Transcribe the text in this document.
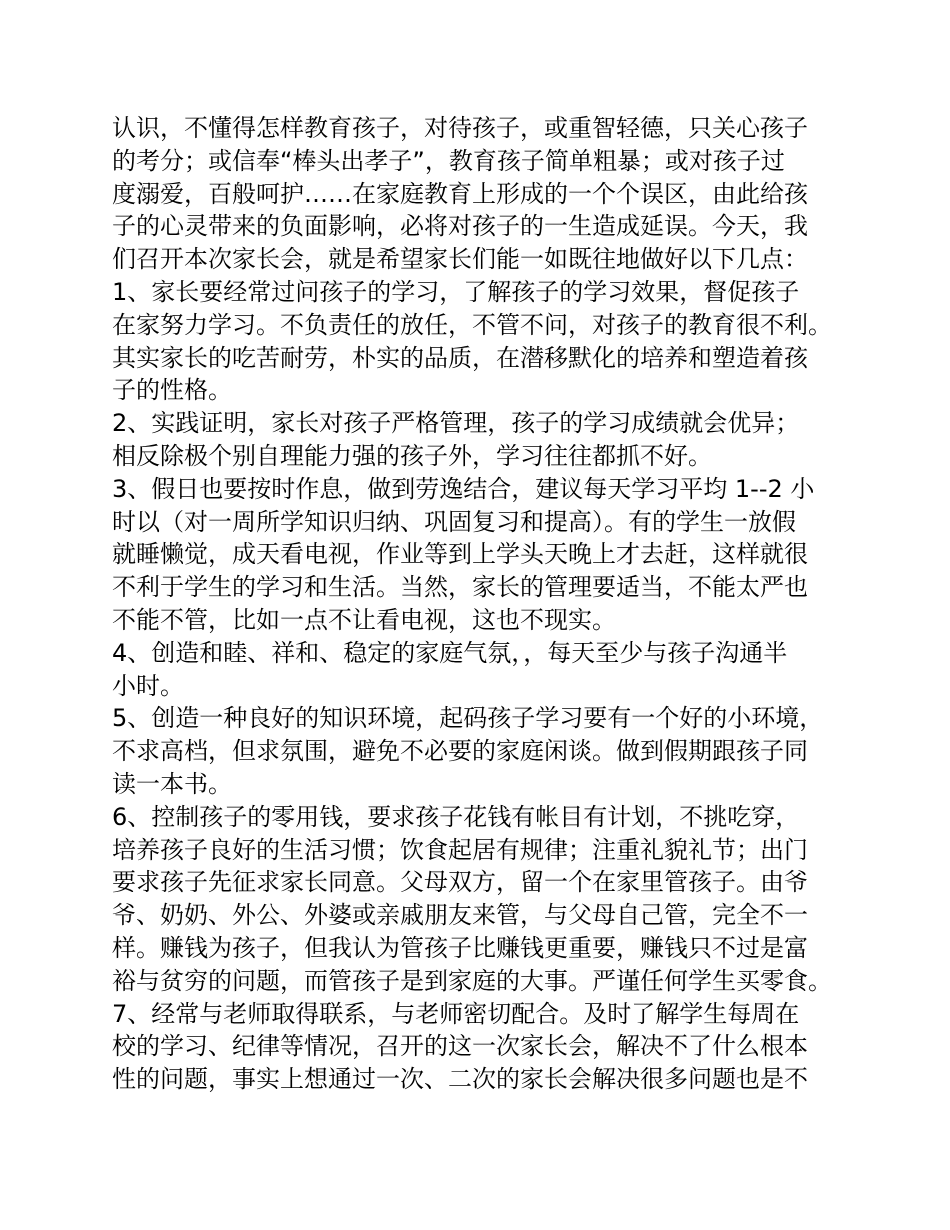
认识，不懂得怎样教育孩子，对待孩子，或重智轻德，只关心孩子
的考分；或信奉“棒头出孝子”，教育孩子简单粗暴；或对孩子过
度溺爱，百般呵护……在家庭教育上形成的一个个误区，由此给孩
子的心灵带来的负面影响，必将对孩子的一生造成延误。今天，我
们召开本次家长会，就是希望家长们能一如既往地做好以下几点：
1、家长要经常过问孩子的学习，了解孩子的学习效果，督促孩子
在家努力学习。不负责任的放任，不管不问，对孩子的教育很不利。
其实家长的吃苦耐劳，朴实的品质，在潜移默化的培养和塑造着孩
子的性格。
2、实践证明，家长对孩子严格管理，孩子的学习成绩就会优异；
相反除极个别自理能力强的孩子外，学习往往都抓不好。
3、假日也要按时作息，做到劳逸结合，建议每天学习平均 1--2 小
时以（对一周所学知识归纳、巩固复习和提高）。有的学生一放假
就睡懒觉，成天看电视，作业等到上学头天晚上才去赶，这样就很
不利于学生的学习和生活。当然，家长的管理要适当，不能太严也
不能不管，比如一点不让看电视，这也不现实。
4、创造和睦、祥和、稳定的家庭气氛，，每天至少与孩子沟通半
小时。
5、创造一种良好的知识环境，起码孩子学习要有一个好的小环境，
不求高档，但求氛围，避免不必要的家庭闲谈。做到假期跟孩子同
读一本书。
6、控制孩子的零用钱，要求孩子花钱有帐目有计划，不挑吃穿，
培养孩子良好的生活习惯；饮食起居有规律；注重礼貌礼节；出门
要求孩子先征求家长同意。父母双方，留一个在家里管孩子。由爷
爷、奶奶、外公、外婆或亲戚朋友来管，与父母自己管，完全不一
样。赚钱为孩子，但我认为管孩子比赚钱更重要，赚钱只不过是富
裕与贫穷的问题，而管孩子是到家庭的大事。严谨任何学生买零食。
7、经常与老师取得联系，与老师密切配合。及时了解学生每周在
校的学习、纪律等情况，召开的这一次家长会，解决不了什么根本
性的问题，事实上想通过一次、二次的家长会解决很多问题也是不
